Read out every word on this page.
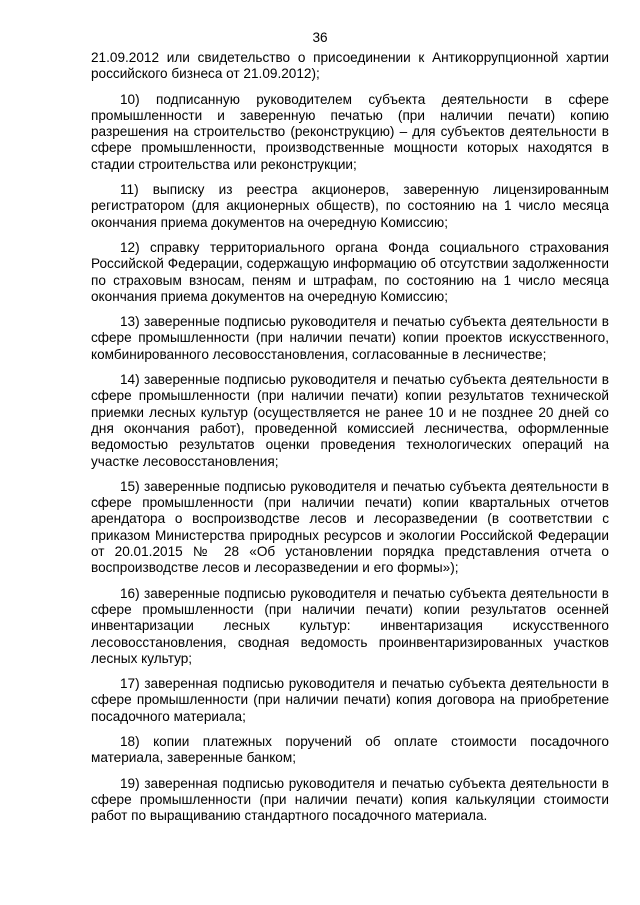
36

21.09.2012 или свидетельство о присоединении к Антикоррупционной хартии российского бизнеса от 21.09.2012);

10) подписанную руководителем субъекта деятельности в сфере промышленности и заверенную печатью (при наличии печати) копию разрешения на строительство (реконструкцию) – для субъектов деятельности в сфере промышленности, производственные мощности которых находятся в стадии строительства или реконструкции;

11) выписку из реестра акционеров, заверенную лицензированным регистратором (для акционерных обществ), по состоянию на 1 число месяца окончания приема документов на очередную Комиссию;

12) справку территориального органа Фонда социального страхования Российской Федерации, содержащую информацию об отсутствии задолженности по страховым взносам, пеням и штрафам, по состоянию на 1 число месяца окончания приема документов на очередную Комиссию;

13) заверенные подписью руководителя и печатью субъекта деятельности в сфере промышленности (при наличии печати) копии проектов искусственного, комбинированного лесовосстановления, согласованные в лесничестве;

14) заверенные подписью руководителя и печатью субъекта деятельности в сфере промышленности (при наличии печати) копии результатов технической приемки лесных культур (осуществляется не ранее 10 и не позднее 20 дней со дня окончания работ), проведенной комиссией лесничества, оформленные ведомостью результатов оценки проведения технологических операций на участке лесовосстановления;

15) заверенные подписью руководителя и печатью субъекта деятельности в сфере промышленности (при наличии печати) копии квартальных отчетов арендатора о воспроизводстве лесов и лесоразведении (в соответствии с приказом Министерства природных ресурсов и экологии Российской Федерации от 20.01.2015 № 28 «Об установлении порядка представления отчета о воспроизводстве лесов и лесоразведении и его формы»);

16) заверенные подписью руководителя и печатью субъекта деятельности в сфере промышленности (при наличии печати) копии результатов осенней инвентаризации лесных культур: инвентаризация искусственного лесовосстановления, сводная ведомость проинвентаризированных участков лесных культур;

17) заверенная подписью руководителя и печатью субъекта деятельности в сфере промышленности (при наличии печати) копия договора на приобретение посадочного материала;

18) копии платежных поручений об оплате стоимости посадочного материала, заверенные банком;

19) заверенная подписью руководителя и печатью субъекта деятельности в сфере промышленности (при наличии печати) копия калькуляции стоимости работ по выращиванию стандартного посадочного материала.
